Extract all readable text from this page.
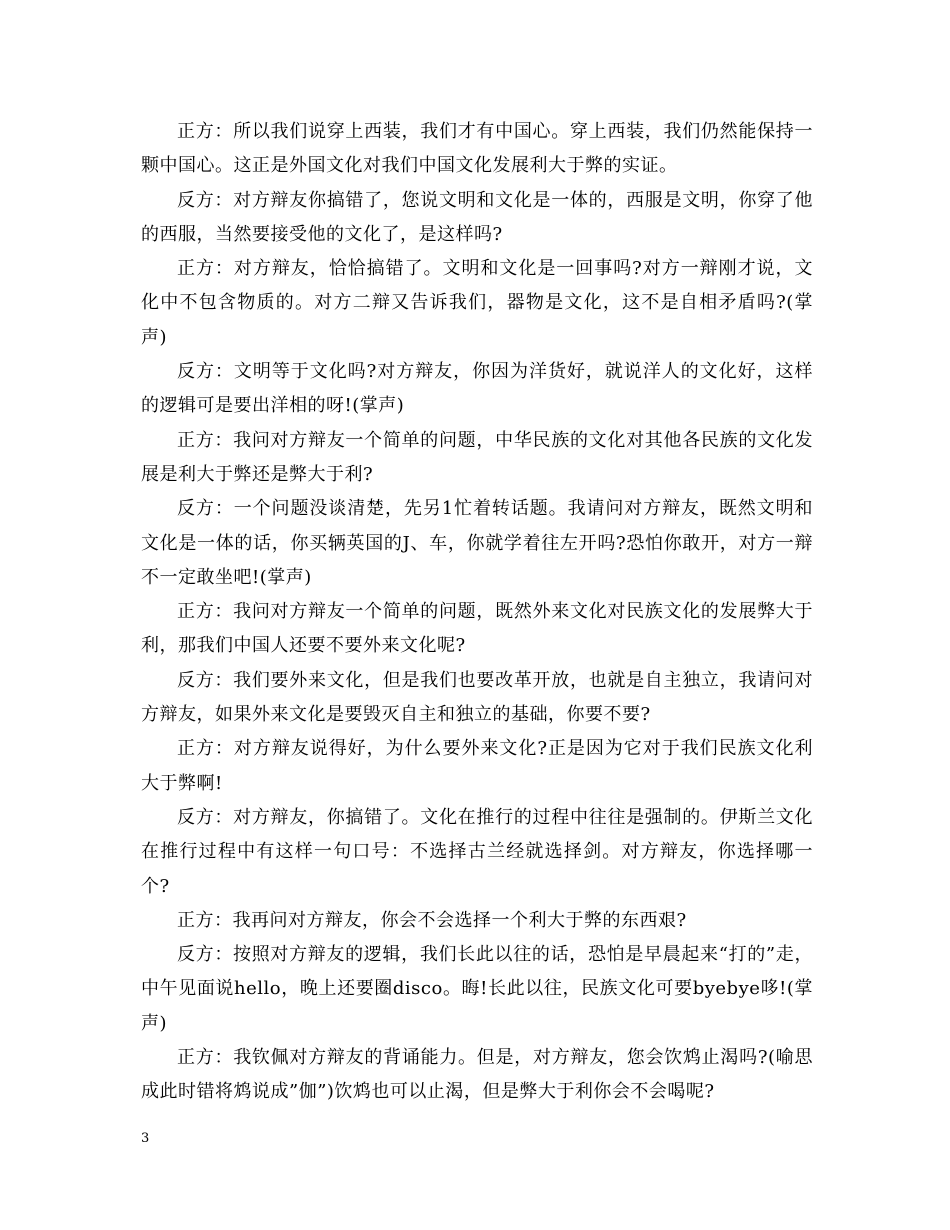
正方：所以我们说穿上西装，我们才有中国心。穿上西装，我们仍然能保持一颗中国心。这正是外国文化对我们中国文化发展利大于弊的实证。

反方：对方辩友你搞错了，您说文明和文化是一体的，西服是文明，你穿了他的西服，当然要接受他的文化了，是这样吗?

正方：对方辩友，恰恰搞错了。文明和文化是一回事吗?对方一辩刚才说，文化中不包含物质的。对方二辩又告诉我们，器物是文化，这不是自相矛盾吗?(掌声)

反方：文明等于文化吗?对方辩友，你因为洋货好，就说洋人的文化好，这样的逻辑可是要出洋相的呀!(掌声)

正方：我问对方辩友一个简单的问题，中华民族的文化对其他各民族的文化发展是利大于弊还是弊大于利?

反方：一个问题没谈清楚，先另1忙着转话题。我请问对方辩友，既然文明和文化是一体的话，你买辆英国的J、车，你就学着往左开吗?恐怕你敢开，对方一辩不一定敢坐吧!(掌声)

正方：我问对方辩友一个简单的问题，既然外来文化对民族文化的发展弊大于利，那我们中国人还要不要外来文化呢?

反方：我们要外来文化，但是我们也要改革开放，也就是自主独立，我请问对方辩友，如果外来文化是要毁灭自主和独立的基础，你要不要?

正方：对方辩友说得好，为什么要外来文化?正是因为它对于我们民族文化利大于弊啊!

反方：对方辩友，你搞错了。文化在推行的过程中往往是强制的。伊斯兰文化在推行过程中有这样一句口号：不选择古兰经就选择剑。对方辩友，你选择哪一个?

正方：我再问对方辩友，你会不会选择一个利大于弊的东西艰?

反方：按照对方辩友的逻辑，我们长此以往的话，恐怕是早晨起来“打的”走，中午见面说hello，晚上还要圈disco。晦!长此以往，民族文化可要byebye哆!(掌声)

正方：我钦佩对方辩友的背诵能力。但是，对方辩友，您会饮鸩止渴吗?(喻思成此时错将鸩说成”伽”)饮鸩也可以止渴，但是弊大于利你会不会喝呢?

3
